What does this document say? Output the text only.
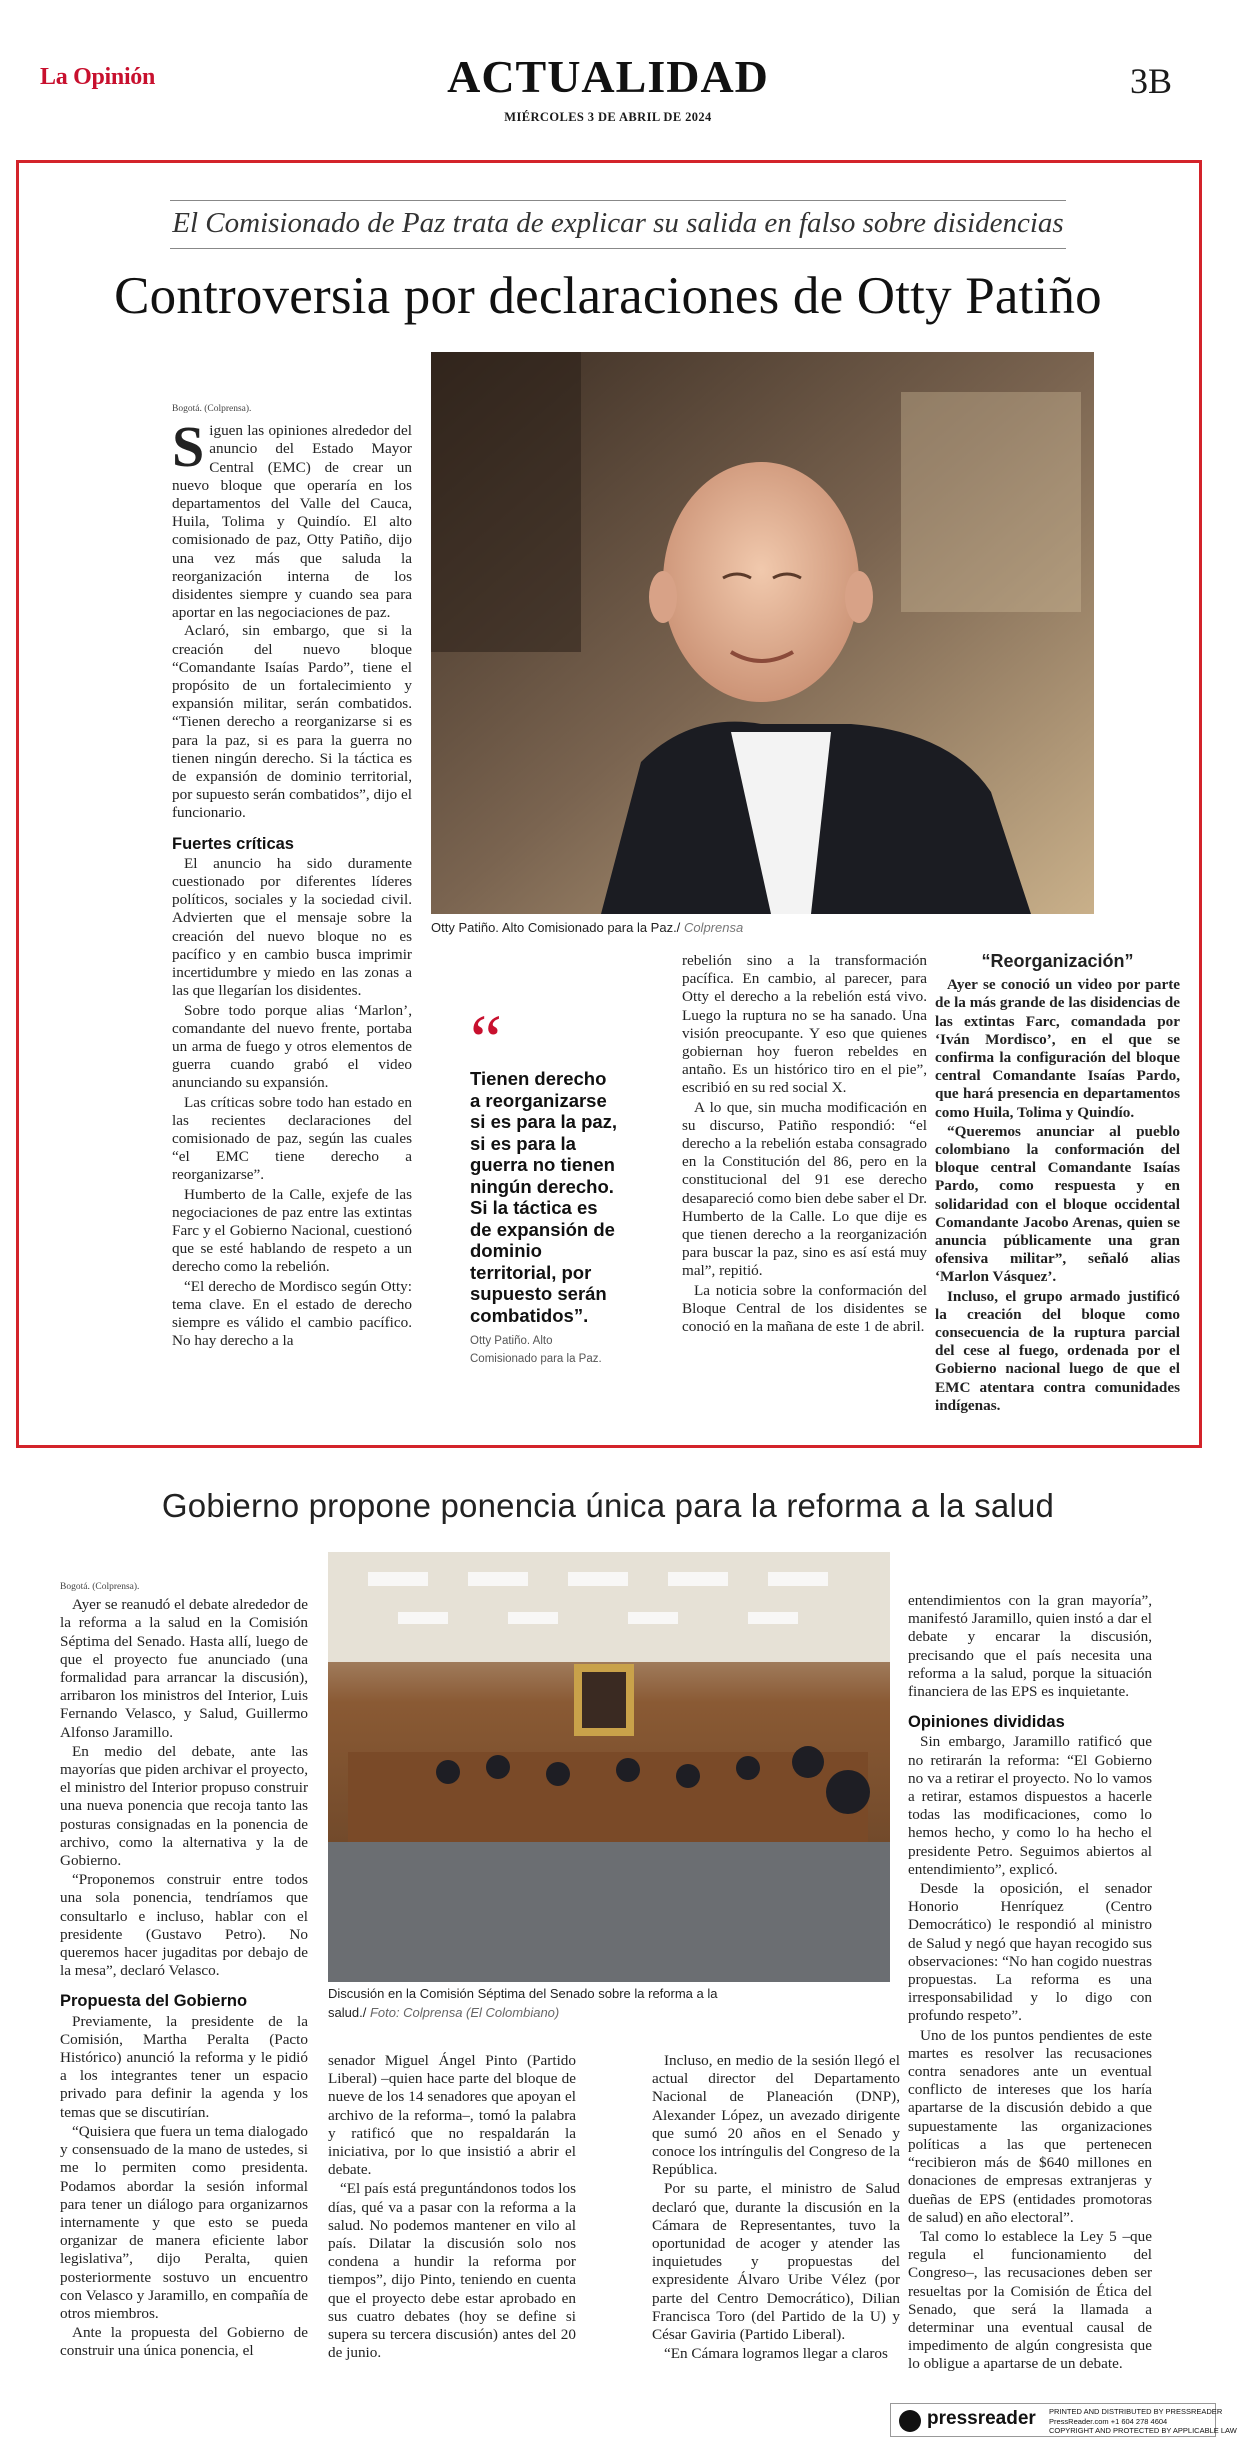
La Opinión	ACTUALIDAD
MIÉRCOLES 3 DE ABRIL DE 2024
3B
El Comisionado de Paz trata de explicar su salida en falso sobre disidencias
Controversia por declaraciones de Otty Patiño
Otty Patiño. Alto Comisionado para la Paz./ Colprensa
Bogotá. (Colprensa).
S iguen las opiniones alrededor del anuncio del Estado Mayor Central (EMC) de crear un nuevo bloque que operaría en los departamentos del Valle del Cauca, Huila, Tolima y Quindío. El alto comisionado de paz, Otty Patiño, dijo una vez más que saluda la reorganización interna de los disidentes siempre y cuando sea para aportar en las negociaciones de paz.

Aclaró, sin embargo, que si la creación del nuevo bloque “Comandante Isaías Pardo”, tiene el propósito de un fortalecimiento y expansión militar, serán combatidos. “Tienen derecho a reorganizarse si es para la paz, si es para la guerra no tienen ningún derecho. Si la táctica es de expansión de dominio territorial, por supuesto serán combatidos”, dijo el funcionario.

Fuertes críticas

El anuncio ha sido duramente cuestionado por diferentes líderes políticos, sociales y la sociedad civil. Advierten que el mensaje sobre la creación del nuevo bloque no es pacífico y en cambio busca imprimir incertidumbre y miedo en las zonas a las que llegarían los disidentes.

Sobre todo porque alias ‘Marlon’, comandante del nuevo frente, portaba un arma de fuego y otros elementos de guerra cuando grabó el video anunciando su expansión.

Las críticas sobre todo han estado en las recientes declaraciones del comisionado de paz, según las cuales “el EMC tiene derecho a reorganizarse”.

Humberto de la Calle, exjefe de las negociaciones de paz entre las extintas Farc y el Gobierno Nacional, cuestionó que se esté hablando de respeto a un derecho como la rebelión.

“El derecho de Mordisco según Otty: tema clave. En el estado de derecho siempre es válido el cambio pacífico. No hay derecho a la

“
Tienen derecho a reorganizarse si es para la paz, si es para la guerra no tienen ningún derecho. Si la táctica es de expansión de dominio territorial, por supuesto serán combatidos”.
Otty Patiño. Alto Comisionado para la Paz.

rebelión sino a la transformación pacífica. En cambio, al parecer, para Otty el derecho a la rebelión está vivo. Luego la ruptura no se ha sanado. Una visión preocupante. Y eso que quienes gobiernan hoy fueron rebeldes en antaño. Es un histórico tiro en el pie”, escribió en su red social X.

A lo que, sin mucha modificación en su discurso, Patiño respondió: “el derecho a la rebelión estaba consagrado en la Constitución del 86, pero en la constitucional del 91 ese derecho desapareció como bien debe saber el Dr. Humberto de la Calle. Lo que dije es que tienen derecho a la reorganización para buscar la paz, sino es así está muy mal”, repitió.

La noticia sobre la conformación del Bloque Central de los disidentes se conoció en la mañana de este 1 de abril.

“Reorganización”

Ayer se conoció un video por parte de la más grande de las disidencias de las extintas Farc, comandada por ‘Iván Mordisco’, en el que se confirma la configuración del bloque central Comandante Isaías Pardo, que hará presencia en departamentos como Huila, Tolima y Quindío.

“Queremos anunciar al pueblo colombiano la conformación del bloque central Comandante Isaías Pardo, como respuesta y en solidaridad con el bloque occidental Comandante Jacobo Arenas, quien se anuncia públicamente una gran ofensiva militar”, señaló alias ‘Marlon Vásquez’.

Incluso, el grupo armado justificó la creación del bloque como consecuencia de la ruptura parcial del cese al fuego, ordenada por el Gobierno nacional luego de que el EMC atentara contra comunidades indígenas.

Gobierno propone ponencia única para la reforma a la salud
Discusión en la Comisión Séptima del Senado sobre la reforma a la salud./ Foto: Colprensa (El Colombiano)
Bogotá. (Colprensa).

Ayer se reanudó el debate alrededor de la reforma a la salud en la Comisión Séptima del Senado. Hasta allí, luego de que el proyecto fue anunciado (una formalidad para arrancar la discusión), arribaron los ministros del Interior, Luis Fernando Velasco, y Salud, Guillermo Alfonso Jaramillo.

En medio del debate, ante las mayorías que piden archivar el proyecto, el ministro del Interior propuso construir una nueva ponencia que recoja tanto las posturas consignadas en la ponencia de archivo, como la alternativa y la de Gobierno.

“Proponemos construir entre todos una sola ponencia, tendríamos que consultarlo e incluso, hablar con el presidente (Gustavo Petro). No queremos hacer jugaditas por debajo de la mesa”, declaró Velasco.

Propuesta del Gobierno

Previamente, la presidente de la Comisión, Martha Peralta (Pacto Histórico) anunció la reforma y le pidió a los integrantes tener un espacio privado para definir la agenda y los temas que se discutirían.

“Quisiera que fuera un tema dialogado y consensuado de la mano de ustedes, si me lo permiten como presidenta. Podamos abordar la sesión informal para tener un diálogo para organizarnos internamente y que esto se pueda organizar de manera eficiente labor legislativa”, dijo Peralta, quien posteriormente sostuvo un encuentro con Velasco y Jaramillo, en compañía de otros miembros.

Ante la propuesta del Gobierno de construir una única ponencia, el

senador Miguel Ángel Pinto (Partido Liberal) –quien hace parte del bloque de nueve de los 14 senadores que apoyan el archivo de la reforma–, tomó la palabra y ratificó que no respaldarán la iniciativa, por lo que insistió a abrir el debate.

“El país está preguntándonos todos los días, qué va a pasar con la reforma a la salud. No podemos mantener en vilo al país. Dilatar la discusión solo nos condena a hundir la reforma por tiempos”, dijo Pinto, teniendo en cuenta que el proyecto debe estar aprobado en sus cuatro debates (hoy se define si supera su tercera discusión) antes del 20 de junio.

Incluso, en medio de la sesión llegó el actual director del Departamento Nacional de Planeación (DNP), Alexander López, un avezado dirigente que sumó 20 años en el Senado y conoce los intríngulis del Congreso de la República.

Por su parte, el ministro de Salud declaró que, durante la discusión en la Cámara de Representantes, tuvo la oportunidad de acoger y atender las inquietudes y propuestas del expresidente Álvaro Uribe Vélez (por parte del Centro Democrático), Dilian Francisca Toro (del Partido de la U) y César Gaviria (Partido Liberal).

“En Cámara logramos llegar a claros

entendimientos con la gran mayoría”, manifestó Jaramillo, quien instó a dar el debate y encarar la discusión, precisando que el país necesita una reforma a la salud, porque la situación financiera de las EPS es inquietante.

Opiniones divididas

Sin embargo, Jaramillo ratificó que no retirarán la reforma: “El Gobierno no va a retirar el proyecto. No lo vamos a retirar, estamos dispuestos a hacerle todas las modificaciones, como lo hemos hecho, y como lo ha hecho el presidente Petro. Seguimos abiertos al entendimiento”, explicó.

Desde la oposición, el senador Honorio Henríquez (Centro Democrático) le respondió al ministro de Salud y negó que hayan recogido sus observaciones: “No han cogido nuestras propuestas. La reforma es una irresponsabilidad y lo digo con profundo respeto”.

Uno de los puntos pendientes de este martes es resolver las recusaciones contra senadores ante un eventual conflicto de intereses que los haría apartarse de la discusión debido a que supuestamente las organizaciones políticas a las que pertenecen “recibieron más de $640 millones en donaciones de empresas extranjeras y dueñas de EPS (entidades promotoras de salud) en año electoral”.

Tal como lo establece la Ley 5 –que regula el funcionamiento del Congreso–, las recusaciones deben ser resueltas por la Comisión de Ética del Senado, que será la llamada a determinar una eventual causal de impedimento de algún congresista que lo obligue a apartarse de un debate.

pressreader PRINTED AND DISTRIBUTED BY PRESSREADER
PressReader.com +1 604 278 4604
COPYRIGHT AND PROTECTED BY APPLICABLE LAW
